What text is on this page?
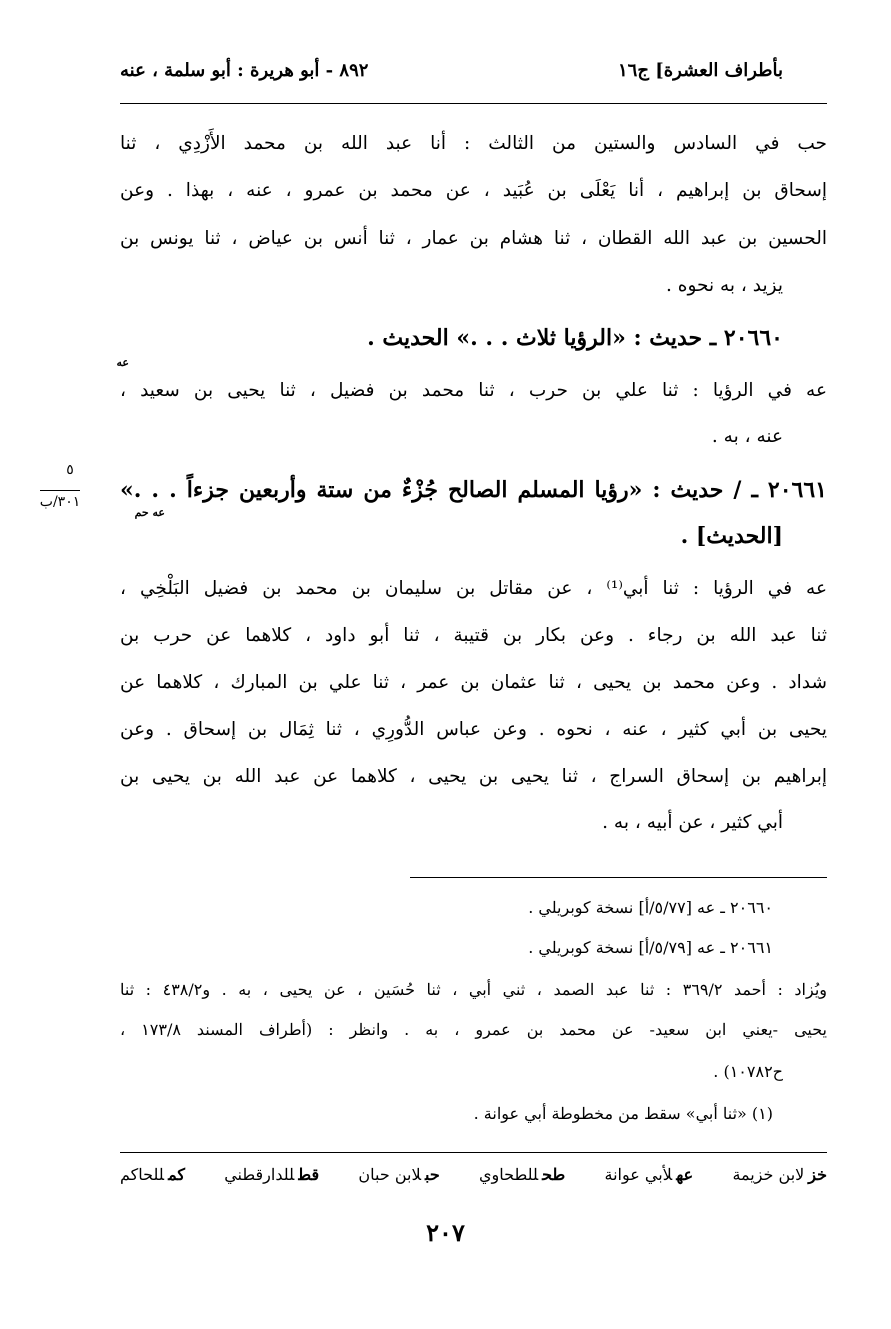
بأطراف العشرة] ج١٦
٨٩٢ - أبو هريرة : أبو سلمة ، عنه
حب في السادس والستين من الثالث : أنا عبد الله بن محمد الأَزْدِي ، ثنا
إسحاق بن إبراهيم ، أنا يَعْلَى بن عُبَيد ، عن محمد بن عمرو ، عنه ، بهذا . وعن
الحسين بن عبد الله القطان ، ثنا هشام بن عمار ، ثنا أنس بن عياض ، ثنا يونس بن
يزيد ، به نحوه .
٢٠٦٦٠ ـ حديث : «الرؤيا ثلاث . . .» الحديث .
عه
عه في الرؤيا : ثنا علي بن حرب ، ثنا محمد بن فضيل ، ثنا يحيى بن سعيد ،
عنه ، به .
٥
٣٠١/ب	٢٠٦٦١ ـ / حديث : «رؤيا المسلم الصالح جُزْءٌ من ستة وأربعين جزءاً . . .»
عه حم
[الحديث] .
عه في الرؤيا : ثنا أبي⁽¹⁾ ، عن مقاتل بن سليمان بن محمد بن فضيل البَلْخِي ،
ثنا عبد الله بن رجاء . وعن بكار بن قتيبة ، ثنا أبو داود ، كلاهما عن حرب بن
شداد . وعن محمد بن يحيى ، ثنا عثمان بن عمر ، ثنا علي بن المبارك ، كلاهما عن
يحيى بن أبي كثير ، عنه ، نحوه . وعن عباس الدُّورِي ، ثنا ثِمَال بن إسحاق . وعن
إبراهيم بن إسحاق السراج ، ثنا يحيى بن يحيى ، كلاهما عن عبد الله بن يحيى بن
أبي كثير ، عن أبيه ، به .
٢٠٦٦٠ ـ عه [٥/٧٧/أ] نسخة كوبريلي .
٢٠٦٦١ ـ عه [٥/٧٩/أ] نسخة كوبريلي .
ويُزاد : أحمد ٣٦٩/٢ : ثنا عبد الصمد ، ثني أبي ، ثنا حُسَين ، عن يحيى ، به . و٤٣٨/٢ : ثنا
يحيى -يعني ابن سعيد- عن محمد بن عمرو ، به . وانظر : (أطراف المسند ١٧٣/٨ ،
ح١٠٧٨٢) .
(١) «ثنا أبي» سقط من مخطوطة أبي عوانة .
خزلابن خزيمة
عهلأبي عوانة
طحللطحاوي
حبلابن حبان
قطللدارقطني
كمللحاكم
٢٠٧
